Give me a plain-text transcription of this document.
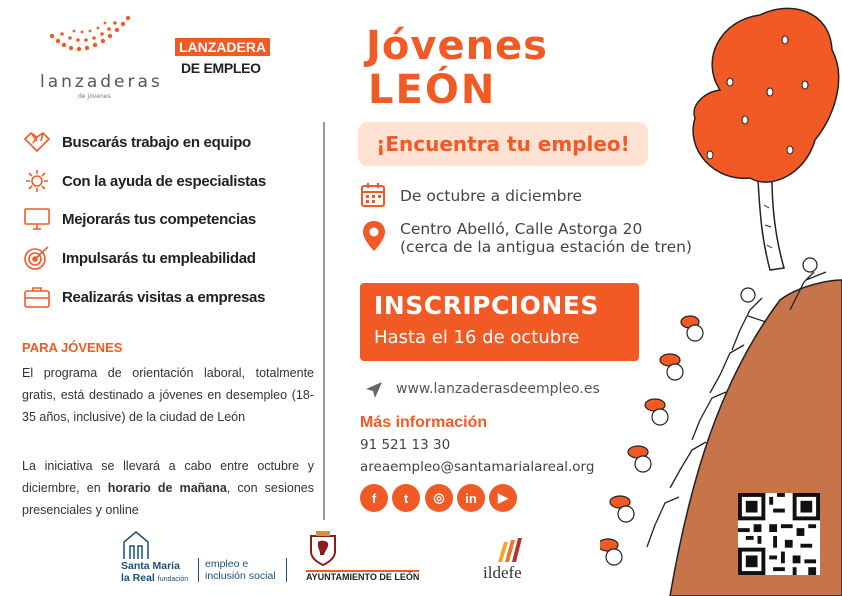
lanzaderas
de jóvenes
LANZADERA
DE EMPLEO
Buscarás trabajo en equipo
Con la ayuda de especialistas
Mejorarás tus competencias
Impulsarás tu empleabilidad
Realizarás visitas a empresas
PARA JÓVENES
El programa de orientación laboral, totalmente gratis, está destinado a jóvenes en desempleo (18-35 años, inclusive) de la ciudad de León
La iniciativa se llevará a cabo entre octubre y diciembre, en horario de mañana, con sesiones presenciales y online
Jóvenes
LEÓN
¡Encuentra tu empleo!
De octubre a diciembre
Centro Abelló, Calle Astorga 20
(cerca de la antigua estación de tren)
INSCRIPCIONES
Hasta el 16 de octubre
www.lanzaderasdeempleo.es
Más información
91 521 13 30
areaempleo@santamarialareal.org
f	t	◎	in	▶
Santa María
la Real fundación
empleo e
inclusión social	AYUNTAMIENTO DE LEÓN	ildefe
